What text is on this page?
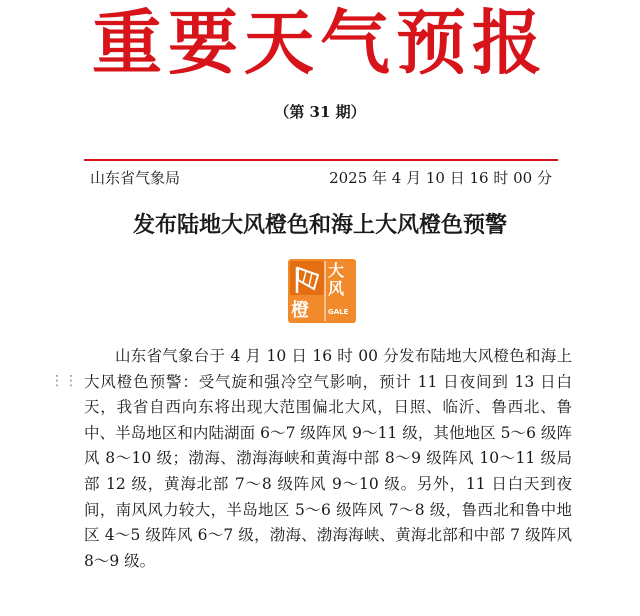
重要天气预报
（第 31 期）
山东省气象局	2025 年 4 月 10 日 16 时 00 分
发布陆地大风橙色和海上大风橙色预警
大
风
橙	GALE
⋮⋮
山东省气象台于 4 月 10 日 16 时 00 分发布陆地大风橙色和海上大风橙色预警：受气旋和强冷空气影响，预计 11 日夜间到 13 日白天，我省自西向东将出现大范围偏北大风，日照、临沂、鲁西北、鲁中、半岛地区和内陆湖面 6～7 级阵风 9～11 级，其他地区 5～6 级阵风 8～10 级；渤海、渤海海峡和黄海中部 8～9 级阵风 10～11 级局部 12 级，黄海北部 7～8 级阵风 9～10 级。另外，11 日白天到夜间，南风风力较大，半岛地区 5～6 级阵风 7～8 级，鲁西北和鲁中地区 4～5 级阵风 6～7 级，渤海、渤海海峡、黄海北部和中部 7 级阵风 8～9 级。
